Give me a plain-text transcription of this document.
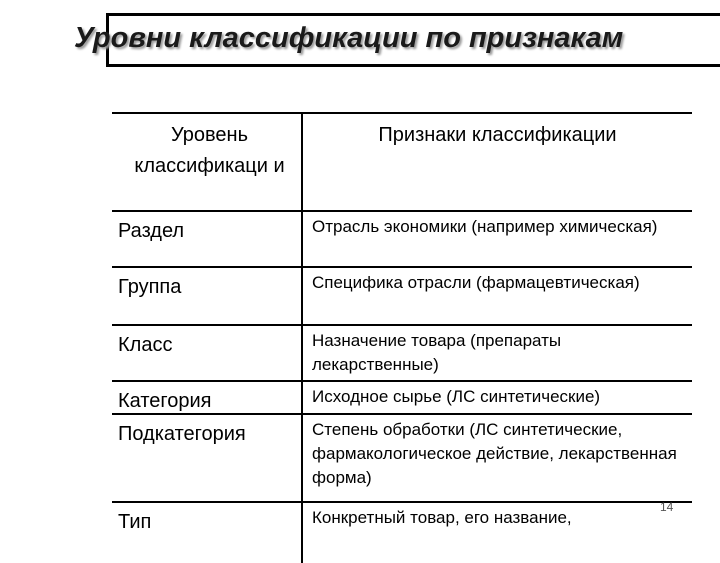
Уровни классификации по признакам
Уровень классификаци и	Признаки классификации

Раздел	Отрасль экономики (например химическая)

Группа	Специфика отрасли (фармацевтическая)

Класс	Назначение товара (препараты лекарственные)

Категория	Исходное сырье (ЛС синтетические)

Подкатегория	Степень обработки (ЛС синтетические, фармакологическое действие, лекарственная форма)

Тип	Конкретный товар, его название,
14
